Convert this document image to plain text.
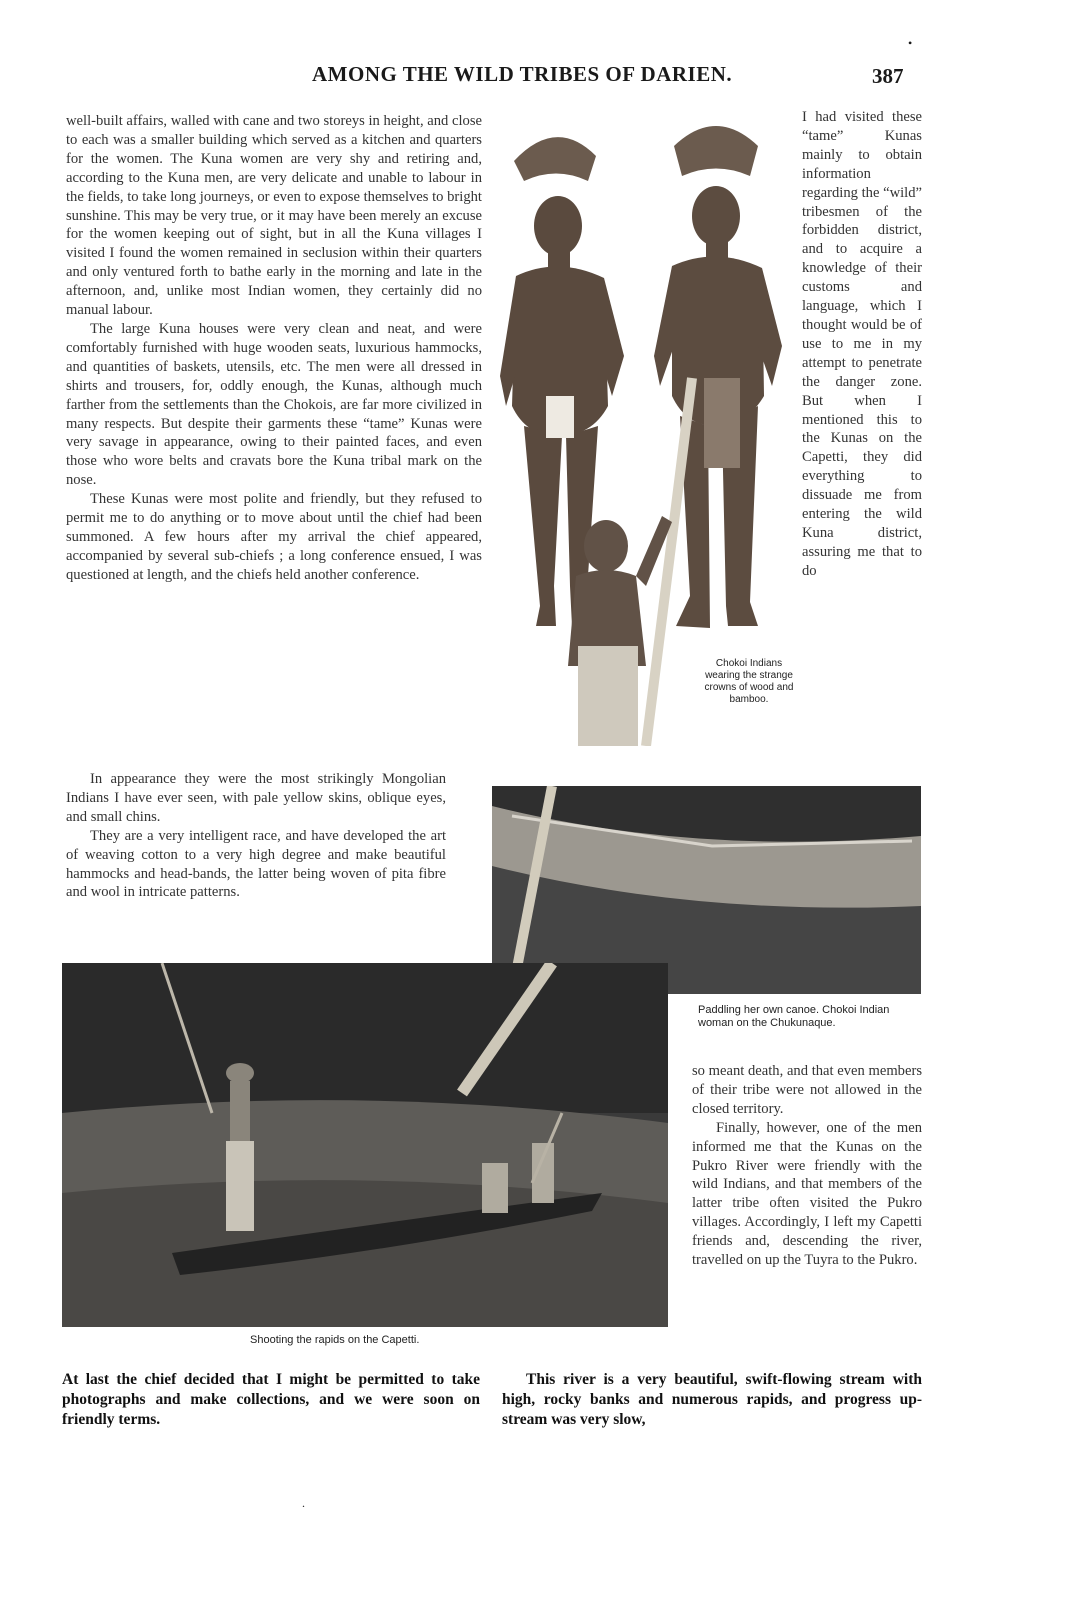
•
AMONG THE WILD TRIBES OF DARIEN.	387

well-built affairs, walled with cane and two storeys in height, and close to each was a smaller building which served as a kitchen and quarters for the women. The Kuna women are very shy and retiring and, according to the Kuna men, are very delicate and unable to labour in the fields, to take long journeys, or even to expose themselves to bright sunshine. This may be very true, or it may have been merely an excuse for the women keeping out of sight, but in all the Kuna villages I visited I found the women remained in seclusion within their quarters and only ventured forth to bathe early in the morning and late in the afternoon, and, unlike most Indian women, they certainly did no manual labour.

The large Kuna houses were very clean and neat, and were comfortably furnished with huge wooden seats, luxurious hammocks, and quantities of baskets, utensils, etc. The men were all dressed in shirts and trousers, for, oddly enough, the Kunas, although much farther from the settlements than the Chokois, are far more civilized in many respects. But despite their garments these “tame” Kunas were very savage in appearance, owing to their painted faces, and even those who wore belts and cravats bore the Kuna tribal mark on the nose.

These Kunas were most polite and friendly, but they refused to permit me to do anything or to move about until the chief had been summoned. A few hours after my arrival the chief appeared, accompanied by several sub-chiefs ; a long conference ensued, I was questioned at length, and the chiefs held another conference.

In appearance they were the most strikingly Mongolian Indians I have ever seen, with pale yellow skins, oblique eyes, and small chins.

They are a very intelligent race, and have developed the art of weaving cotton to a very high degree and make beautiful hammocks and head-bands, the latter being woven of pita fibre and wool in intricate patterns.

I had visited these “tame” Kunas mainly to obtain information regarding the “wild” tribesmen of the forbidden district, and to acquire a knowledge of their customs and language, which I thought would be of use to me in my attempt to penetrate the danger zone. But when I mentioned this to the Kunas on the Capetti, they did everything to dissuade me from entering the wild Kuna district, assuring me that to do

Chokoi Indians wearing the strange crowns of wood and bamboo.
Paddling her own canoe. Chokoi Indian woman on the Chukunaque.
Shooting the rapids on the Capetti.

so meant death, and that even members of their tribe were not allowed in the closed territory.

Finally, however, one of the men informed me that the Kunas on the Pukro River were friendly with the wild Indians, and that members of the latter tribe often visited the Pukro villages. Accordingly, I left my Capetti friends and, descending the river, travelled on up the Tuyra to the Pukro.

At last the chief decided that I might be permitted to take photographs and make collections, and we were soon on friendly terms.
This river is a very beautiful, swift-flowing stream with high, rocky banks and numerous rapids, and progress up-stream was very slow,
.
